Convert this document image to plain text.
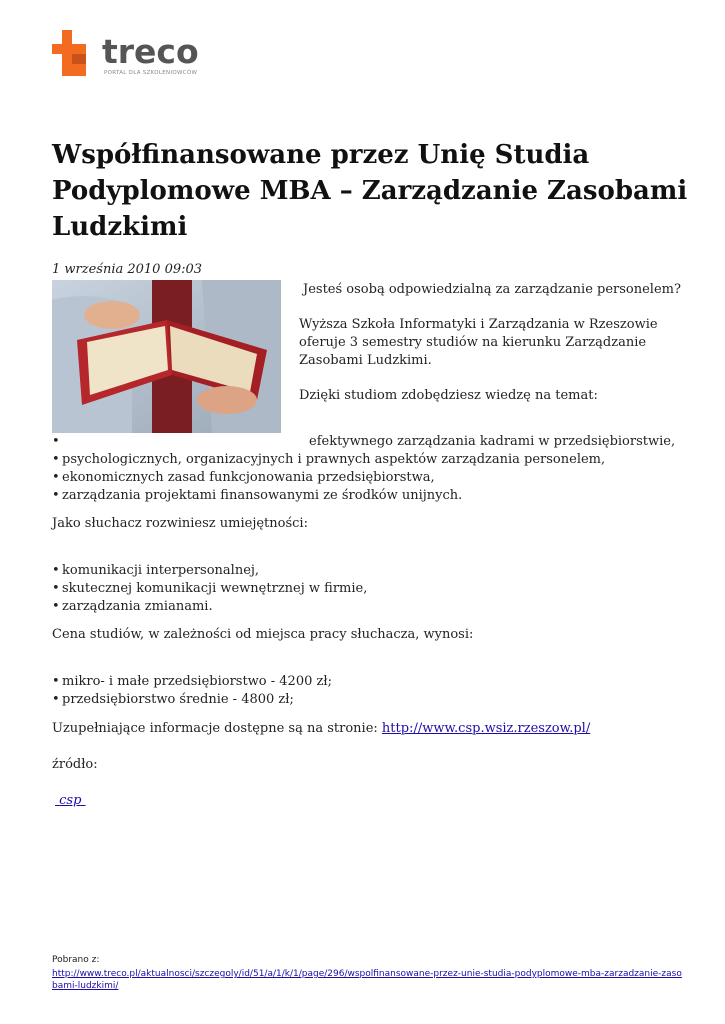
treco
PORTAL DLA SZKOLENIOWCÓW
Współfinansowane przez Unię Studia Podyplomowe MBA – Zarządzanie Zasobami Ludzkimi
1 września 2010 09:03
Jesteś osobą odpowiedzialną za zarządzanie personelem?
Wyższa Szkoła Informatyki i Zarządzania w Rzeszowie oferuje 3 semestry studiów na kierunku Zarządzanie Zasobami Ludzkimi.
Dzięki studiom zdobędziesz wiedzę na temat:
• efektywnego zarządzania kadrami w przedsiębiorstwie,
• psychologicznych, organizacyjnych i prawnych aspektów zarządzania personelem,
• ekonomicznych zasad funkcjonowania przedsiębiorstwa,
• zarządzania projektami finansowanymi ze środków unijnych.
Jako słuchacz rozwiniesz umiejętności:
• komunikacji interpersonalnej,
• skutecznej komunikacji wewnętrznej w firmie,
• zarządzania zmianami.
Cena studiów, w zależności od miejsca pracy słuchacza, wynosi:
• mikro- i małe przedsiębiorstwo - 4200 zł;
• przedsiębiorstwo średnie - 4800 zł;
Uzupełniające informacje dostępne są na stronie: http://www.csp.wsiz.rzeszow.pl/
źródło:
csp
Pobrano z:
http://www.treco.pl/aktualnosci/szczegoly/id/51/a/1/k/1/page/296/wspolfinansowane-przez-unie-studia-podyplomowe-mba-zarzadzanie-zasobami-ludzkimi/
